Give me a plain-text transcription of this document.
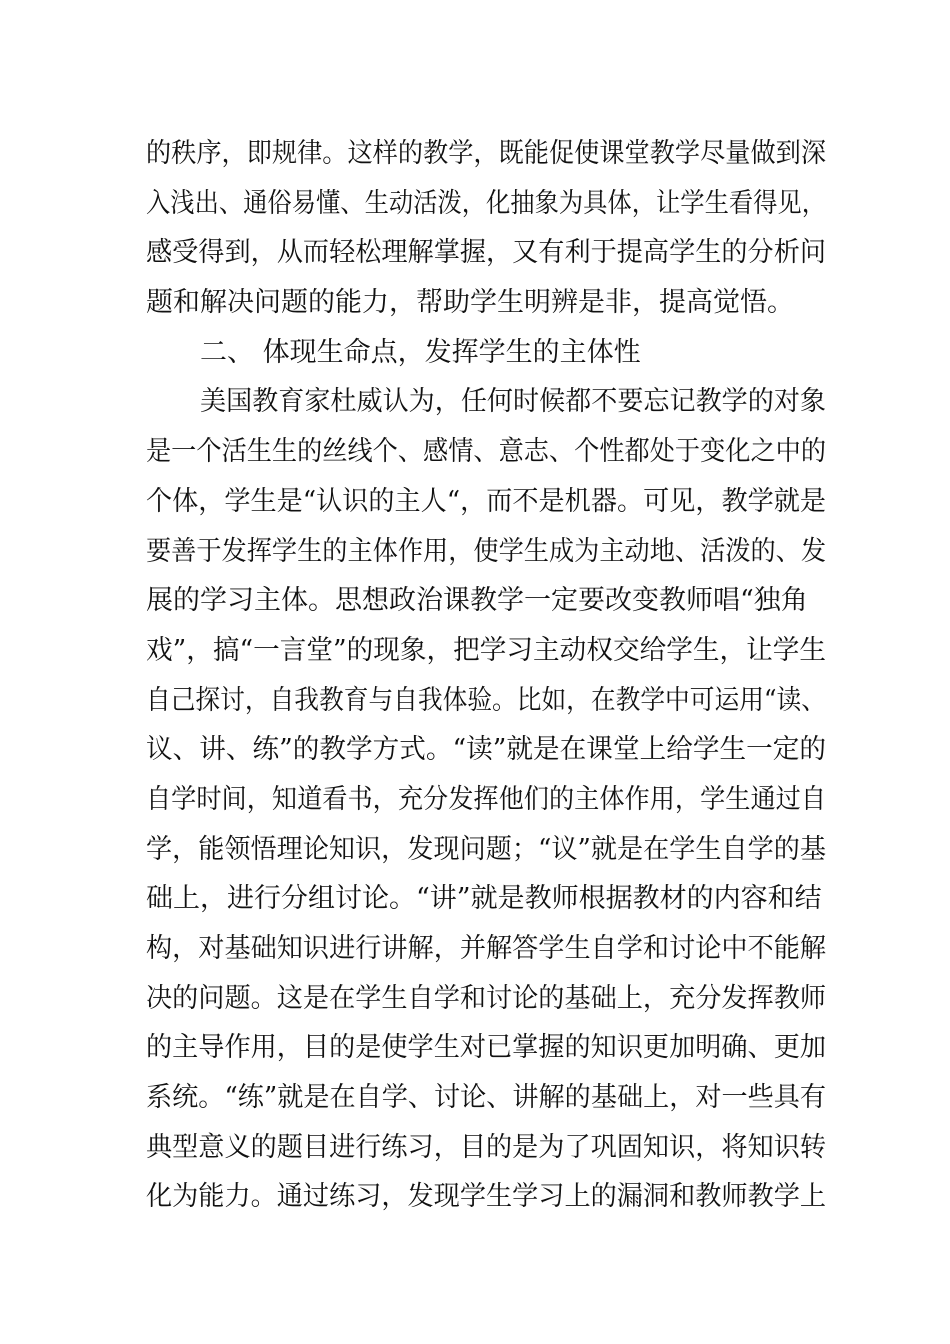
的秩序，即规律。这样的教学，既能促使课堂教学尽量做到深
入浅出、通俗易懂、生动活泼，化抽象为具体，让学生看得见，
感受得到，从而轻松理解掌握，又有利于提高学生的分析问
题和解决问题的能力，帮助学生明辨是非，提高觉悟。
二、 体现生命点，发挥学生的主体性
美国教育家杜威认为，任何时候都不要忘记教学的对象
是一个活生生的丝线个、感情、意志、个性都处于变化之中的
个体，学生是“认识的主人“，而不是机器。可见，教学就是
要善于发挥学生的主体作用，使学生成为主动地、活泼的、发
展的学习主体。思想政治课教学一定要改变教师唱“独角
戏”，搞“一言堂”的现象，把学习主动权交给学生，让学生
自己探讨，自我教育与自我体验。比如，在教学中可运用“读、
议、讲、练”的教学方式。“读”就是在课堂上给学生一定的
自学时间，知道看书，充分发挥他们的主体作用，学生通过自
学，能领悟理论知识，发现问题；“议”就是在学生自学的基
础上，进行分组讨论。“讲”就是教师根据教材的内容和结
构，对基础知识进行讲解，并解答学生自学和讨论中不能解
决的问题。这是在学生自学和讨论的基础上，充分发挥教师
的主导作用，目的是使学生对已掌握的知识更加明确、更加
系统。“练”就是在自学、讨论、讲解的基础上，对一些具有
典型意义的题目进行练习，目的是为了巩固知识，将知识转
化为能力。通过练习，发现学生学习上的漏洞和教师教学上
